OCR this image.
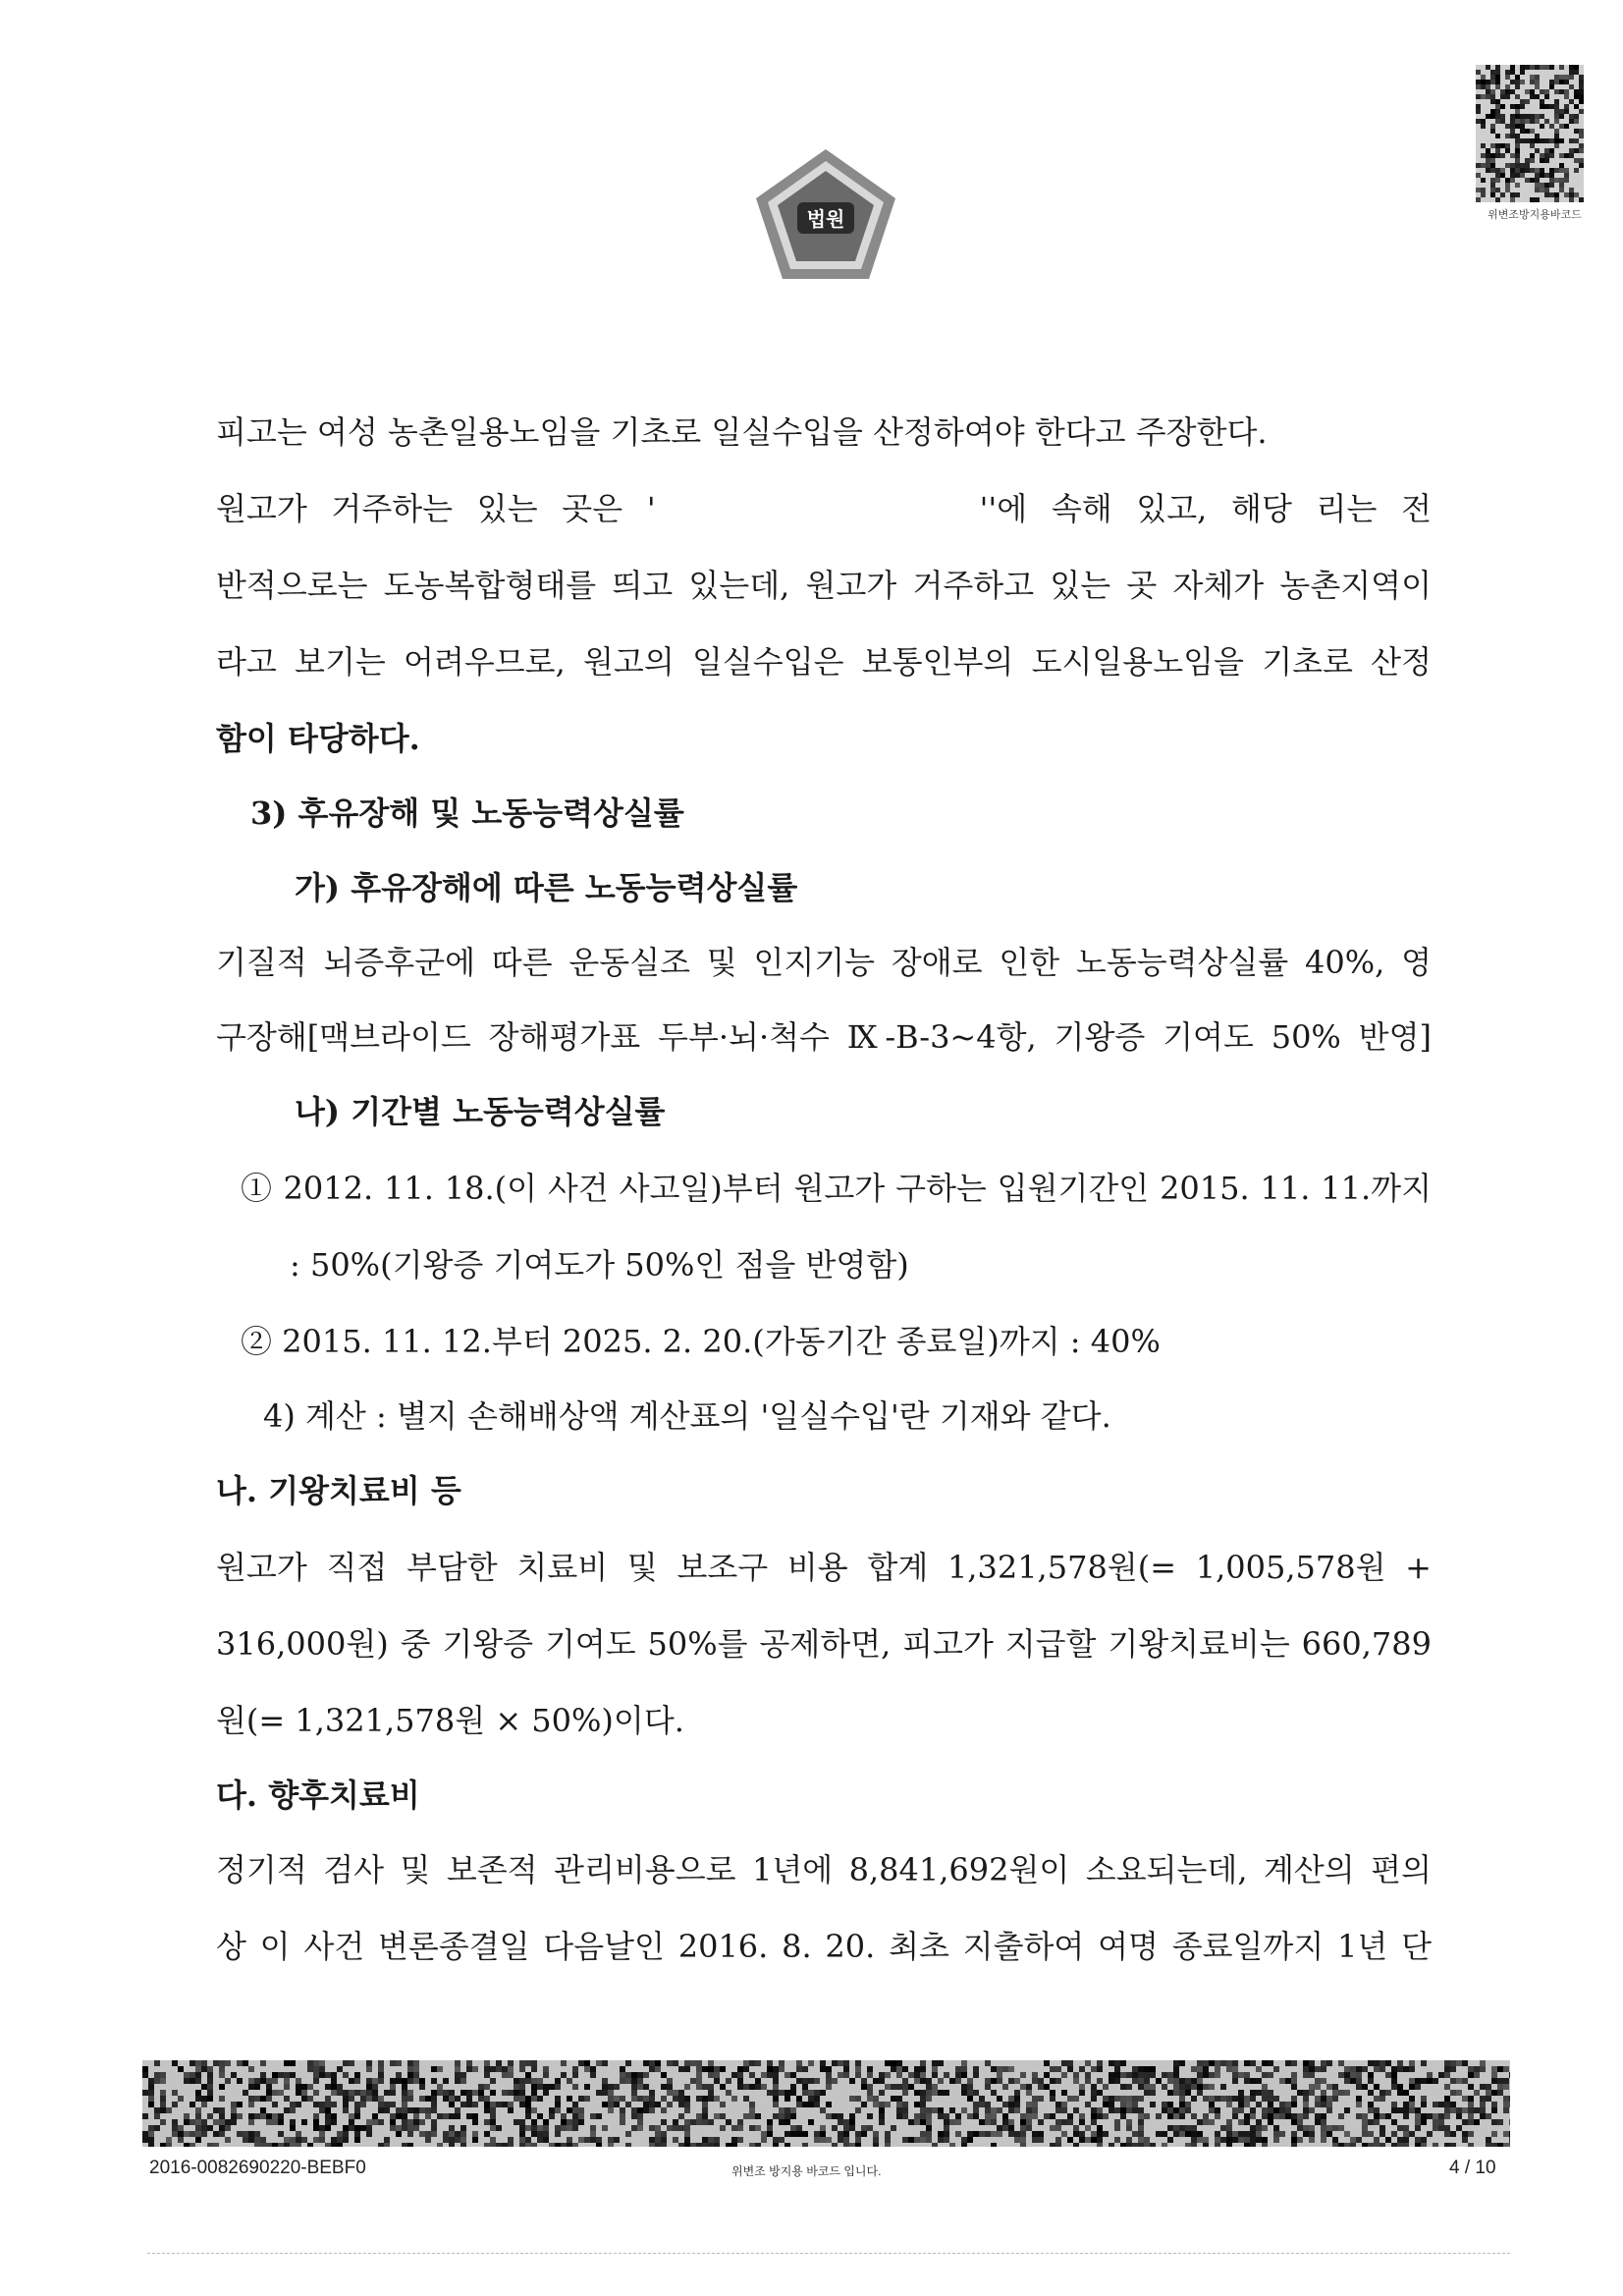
법원	위변조방지용바코드
피고는 여성 농촌일용노임을 기초로 일실수입을 산정하여야 한다고 주장한다.
원고가 거주하는 있는 곳은 '	''에 속해 있고, 해당 리는 전
반적으로는 도농복합형태를 띄고 있는데, 원고가 거주하고 있는 곳 자체가 농촌지역이
라고 보기는 어려우므로, 원고의 일실수입은 보통인부의 도시일용노임을 기초로 산정
함이 타당하다.
3) 후유장해 및 노동능력상실률
가) 후유장해에 따른 노동능력상실률
기질적 뇌증후군에 따른 운동실조 및 인지기능 장애로 인한 노동능력상실률 40%, 영
구장해[맥브라이드 장해평가표 두부·뇌·척수 Ⅸ-B-3~4항, 기왕증 기여도 50% 반영]
나) 기간별 노동능력상실률
① 2012. 11. 18.(이 사건 사고일)부터 원고가 구하는 입원기간인 2015. 11. 11.까지
: 50%(기왕증 기여도가 50%인 점을 반영함)
② 2015. 11. 12.부터 2025. 2. 20.(가동기간 종료일)까지 : 40%
4) 계산 : 별지 손해배상액 계산표의 '일실수입'란 기재와 같다.
나. 기왕치료비 등
원고가 직접 부담한 치료비 및 보조구 비용 합계 1,321,578원(= 1,005,578원 +
316,000원) 중 기왕증 기여도 50%를 공제하면, 피고가 지급할 기왕치료비는 660,789
원(= 1,321,578원 × 50%)이다.
다. 향후치료비
정기적 검사 및 보존적 관리비용으로 1년에 8,841,692원이 소요되는데, 계산의 편의
상 이 사건 변론종결일 다음날인 2016. 8. 20. 최초 지출하여 여명 종료일까지 1년 단
2016-0082690220-BEBF0	위변조 방지용 바코드 입니다.	4 / 10
